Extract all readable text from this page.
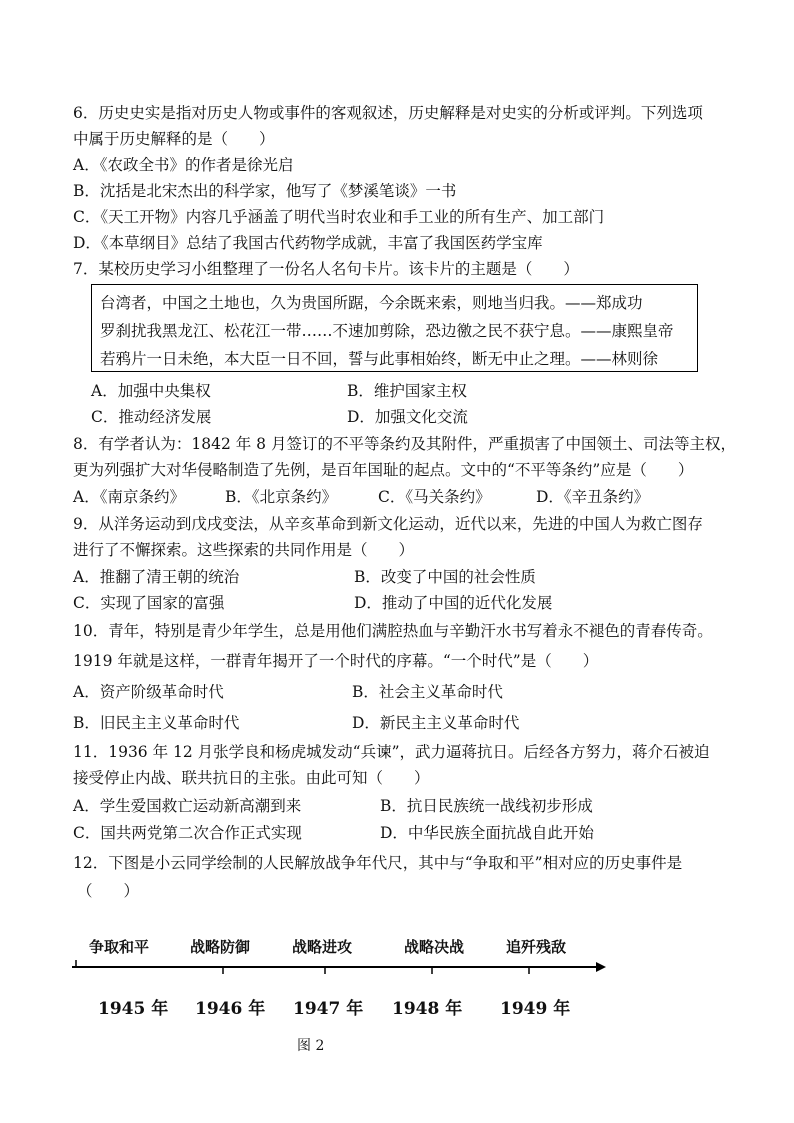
6．历史史实是指对历史人物或事件的客观叙述，历史解释是对史实的分析或评判。下列选项
中属于历史解释的是（　　）
A．《农政全书》的作者是徐光启
B．沈括是北宋杰出的科学家，他写了《梦溪笔谈》一书
C．《天工开物》内容几乎涵盖了明代当时农业和手工业的所有生产、加工部门
D．《本草纲目》总结了我国古代药物学成就，丰富了我国医药学宝库
7．某校历史学习小组整理了一份名人名句卡片。该卡片的主题是（　　）
台湾者，中国之土地也，久为贵国所踞，今余既来索，则地当归我。——郑成功
罗刹扰我黑龙江、松花江一带……不速加剪除，恐边徼之民不获宁息。——康熙皇帝
若鸦片一日未绝，本大臣一日不回，誓与此事相始终，断无中止之理。——林则徐
A．加强中央集权	B．维护国家主权
C．推动经济发展	D．加强文化交流
8．有学者认为：1842 年 8 月签订的不平等条约及其附件，严重损害了中国领土、司法等主权，
更为列强扩大对华侵略制造了先例，是百年国耻的起点。文中的“不平等条约”应是（　　）
A．《南京条约》	B．《北京条约》	C．《马关条约》	D．《辛丑条约》
9．从洋务运动到戊戌变法，从辛亥革命到新文化运动，近代以来，先进的中国人为救亡图存
进行了不懈探索。这些探索的共同作用是（　　）
A．推翻了清王朝的统治	B．改变了中国的社会性质
C．实现了国家的富强	D．推动了中国的近代化发展
10．青年，特别是青少年学生，总是用他们满腔热血与辛勤汗水书写着永不褪色的青春传奇。
1919 年就是这样，一群青年揭开了一个时代的序幕。“一个时代”是（　　）
A．资产阶级革命时代	B．社会主义革命时代
B．旧民主主义革命时代	D．新民主主义革命时代
11．1936 年 12 月张学良和杨虎城发动“兵谏”，武力逼蒋抗日。后经各方努力，蒋介石被迫
接受停止内战、联共抗日的主张。由此可知（　　）
A．学生爱国救亡运动新高潮到来	B．抗日民族统一战线初步形成
C．国共两党第二次合作正式实现	D．中华民族全面抗战自此开始
12．下图是小云同学绘制的人民解放战争年代尺，其中与“争取和平”相对应的历史事件是
（　　）
争取和平	战略防御	战略进攻	战略决战	追歼残敌
1945 年 1946 年 1947 年 1948 年 1949 年
图 2
